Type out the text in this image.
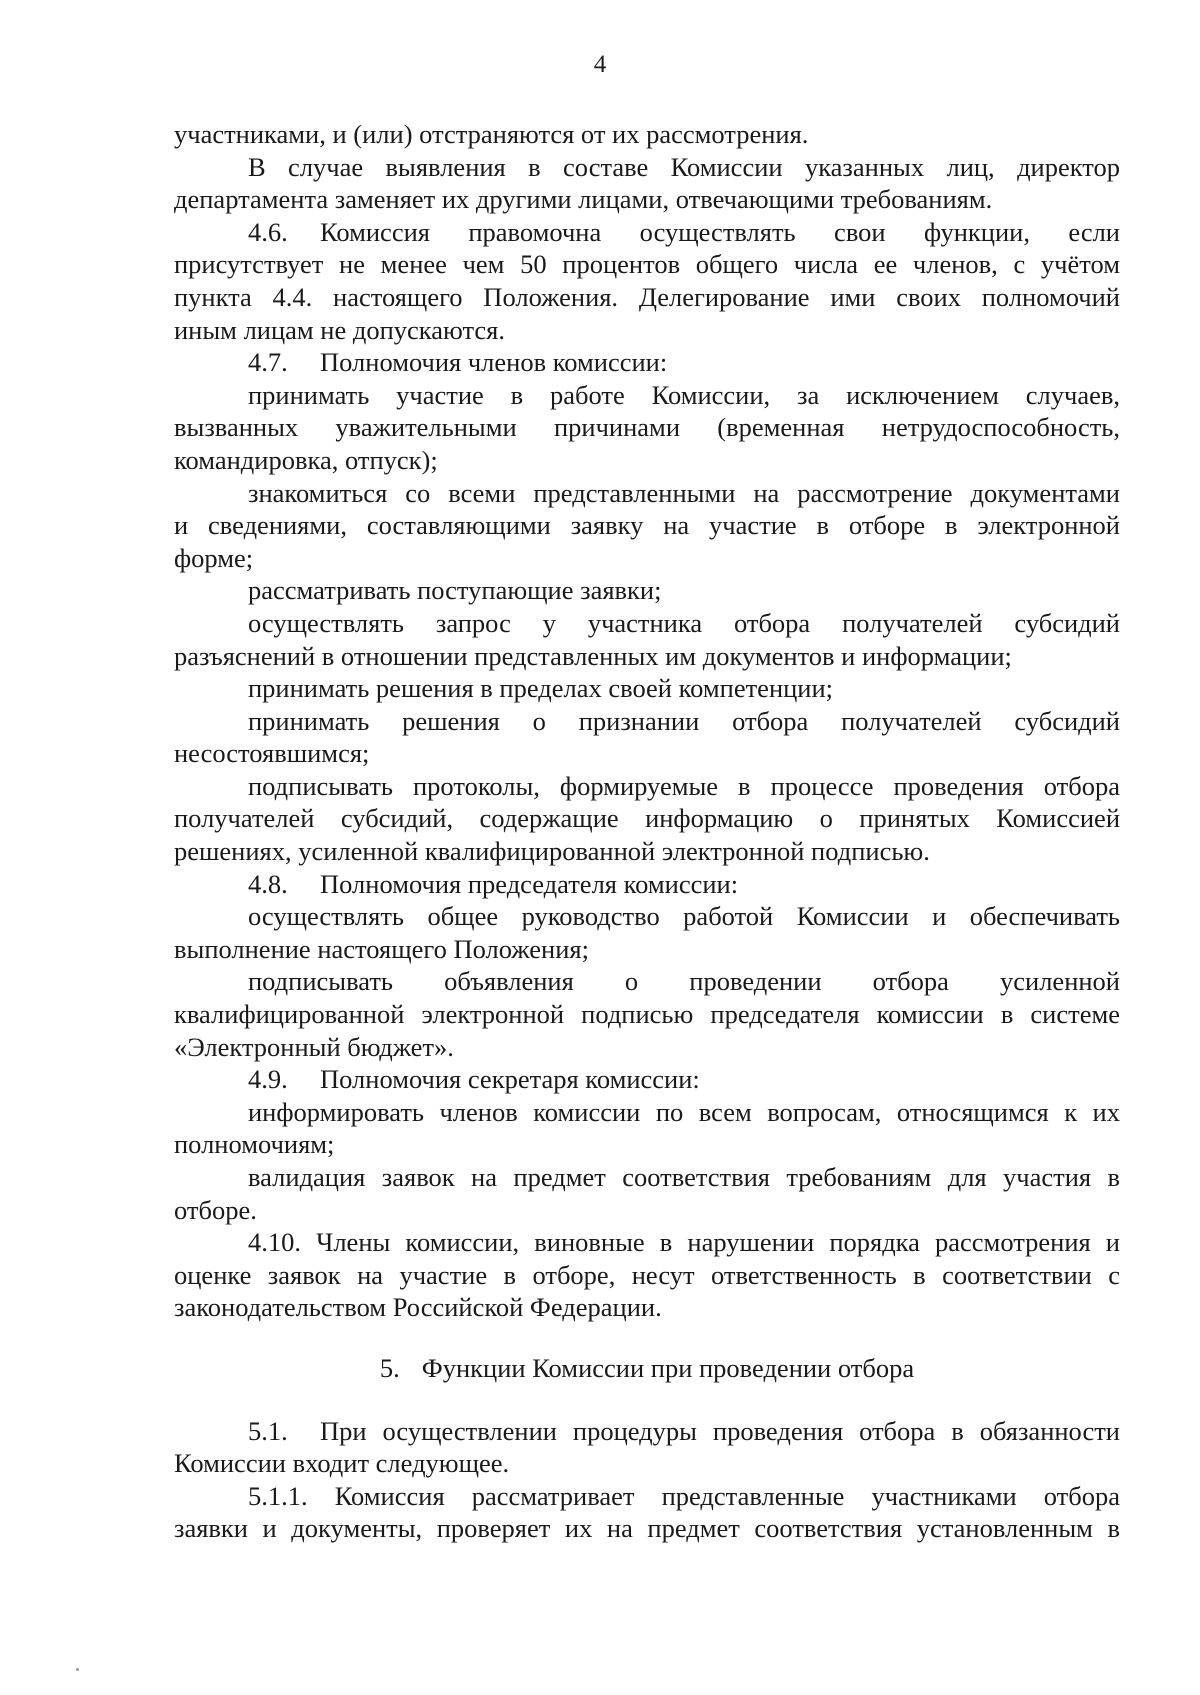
4

участниками, и (или) отстраняются от их рассмотрения.

В случае выявления в составе Комиссии указанных лиц, директор

департамента заменяет их другими лицами, отвечающими требованиям.

4.6.	Комиссия правомочна осуществлять свои функции, если

присутствует не менее чем 50 процентов общего числа ее членов, с учётом

пункта 4.4. настоящего Положения. Делегирование ими своих полномочий

иным лицам не допускаются.

4.7.	Полномочия членов комиссии:

принимать участие в работе Комиссии, за исключением случаев,

вызванных уважительными причинами (временная нетрудоспособность,

командировка, отпуск);

знакомиться со всеми представленными на рассмотрение документами

и сведениями, составляющими заявку на участие в отборе в электронной

форме;

рассматривать поступающие заявки;

осуществлять запрос у участника отбора получателей субсидий

разъяснений в отношении представленных им документов и информации;

принимать решения в пределах своей компетенции;

принимать решения о признании отбора получателей субсидий

несостоявшимся;

подписывать протоколы, формируемые в процессе проведения отбора

получателей субсидий, содержащие информацию о принятых Комиссией

решениях, усиленной квалифицированной электронной подписью.

4.8.	Полномочия председателя комиссии:

осуществлять общее руководство работой Комиссии и обеспечивать

выполнение настоящего Положения;

подписывать объявления о проведении отбора усиленной

квалифицированной электронной подписью председателя комиссии в системе

«Электронный бюджет».

4.9.	Полномочия секретаря комиссии:

информировать членов комиссии по всем вопросам, относящимся к их

полномочиям;

валидация заявок на предмет соответствия требованиям для участия в

отборе.

4.10. Члены комиссии, виновные в нарушении порядка рассмотрения и

оценке заявок на участие в отборе, несут ответственность в соответствии с

законодательством Российской Федерации.

5. Функции Комиссии при проведении отбора

5.1.	При осуществлении процедуры проведения отбора в обязанности

Комиссии входит следующее.

5.1.1. Комиссия рассматривает представленные участниками отбора

заявки и документы, проверяет их на предмет соответствия установленным в
